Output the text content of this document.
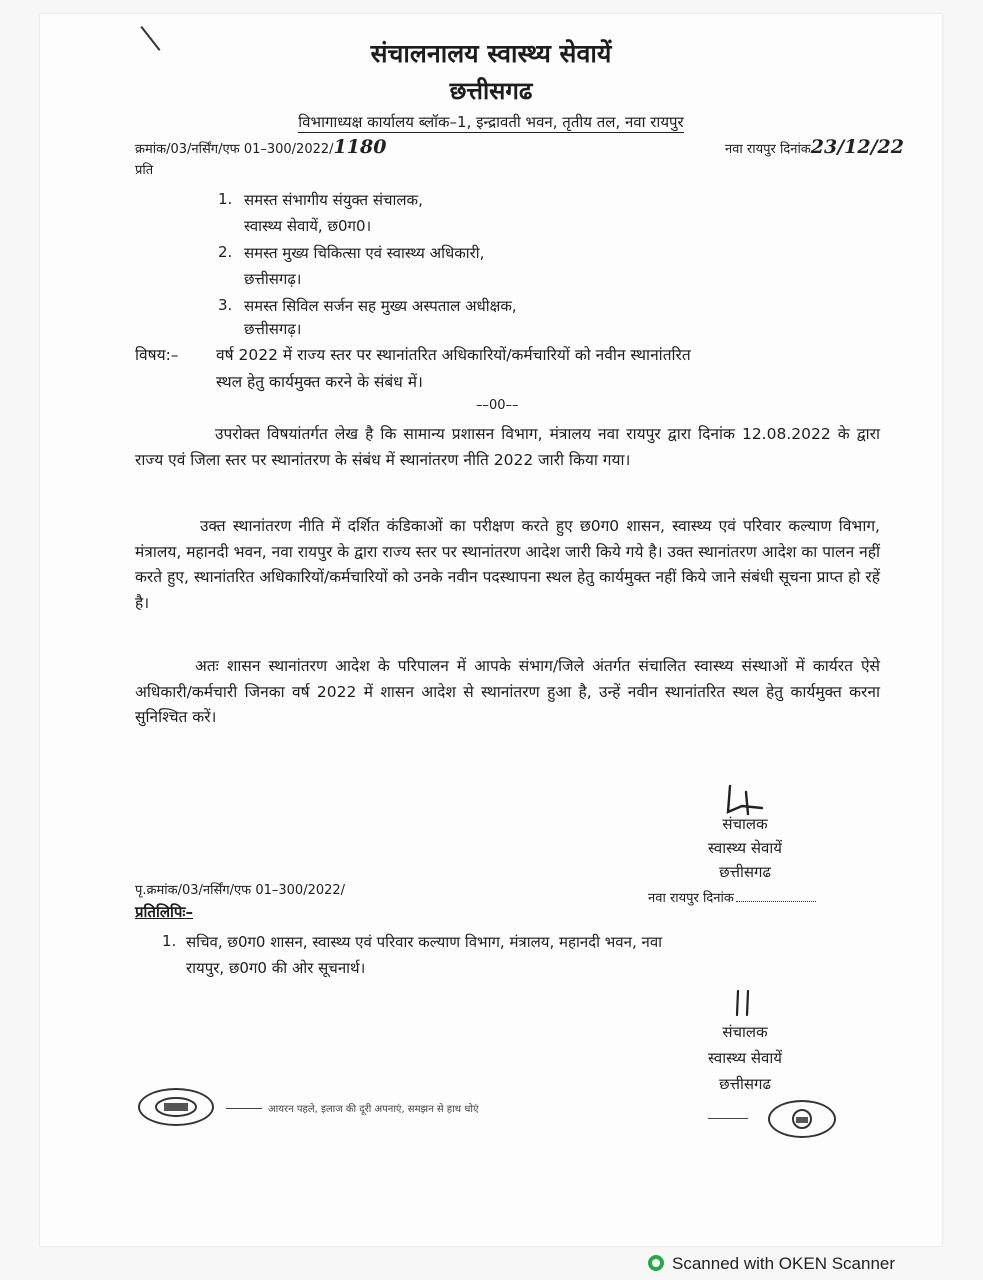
संचालनालय स्वास्थ्य सेवायें
छत्तीसगढ
विभागाध्यक्ष कार्यालय ब्लॉक–1, इन्द्रावती भवन, तृतीय तल, नवा रायपुर
क्रमांक/03/नर्सिंग/एफ 01–300/2022/1180	नवा रायपुर दिनांक23/12/22
प्रति
1. समस्त संभागीय संयुक्त संचालक,
स्वास्थ्य सेवायें, छ0ग0।
2. समस्त मुख्य चिकित्सा एवं स्वास्थ्य अधिकारी,
छत्तीसगढ़।
3. समस्त सिविल सर्जन सह मुख्य अस्पताल अधीक्षक,
छत्तीसगढ़।
विषय:– वर्ष 2022 में राज्य स्तर पर स्थानांतरित अधिकारियों/कर्मचारियों को नवीन स्थानांतरित
स्थल हेतु कार्यमुक्त करने के संबंध में।
––00––
उपरोक्त विषयांतर्गत लेख है कि सामान्य प्रशासन विभाग, मंत्रालय नवा रायपुर द्वारा दिनांक 12.08.2022 के द्वारा राज्य एवं जिला स्तर पर स्थानांतरण के संबंध में स्थानांतरण नीति 2022 जारी किया गया।
उक्त स्थानांतरण नीति में दर्शित कंडिकाओं का परीक्षण करते हुए छ0ग0 शासन, स्वास्थ्य एवं परिवार कल्याण विभाग, मंत्रालय, महानदी भवन, नवा रायपुर के द्वारा राज्य स्तर पर स्थानांतरण आदेश जारी किये गये है। उक्त स्थानांतरण आदेश का पालन नहीं करते हुए, स्थानांतरित अधिकारियों/कर्मचारियों को उनके नवीन पदस्थापना स्थल हेतु कार्यमुक्त नहीं किये जाने संबंधी सूचना प्राप्त हो रहें है।
अतः शासन स्थानांतरण आदेश के परिपालन में आपके संभाग/जिले अंतर्गत संचालित स्वास्थ्य संस्थाओं में कार्यरत ऐसे अधिकारी/कर्मचारी जिनका वर्ष 2022 में शासन आदेश से स्थानांतरण हुआ है, उन्हें नवीन स्थानांतरित स्थल हेतु कार्यमुक्त करना सुनिश्चित करें।
संचालक
स्वास्थ्य सेवायें
छत्तीसगढ
पृ.क्रमांक/03/नर्सिंग/एफ 01–300/2022/
नवा रायपुर दिनांक
प्रतिलिपिः–
1. सचिव, छ0ग0 शासन, स्वास्थ्य एवं परिवार कल्याण विभाग, मंत्रालय, महानदी भवन, नवा
रायपुर, छ0ग0 की ओर सूचनार्थ।
संचालक
स्वास्थ्य सेवायें
छत्तीसगढ
आयरन पहले, इलाज की दूरी अपनाएं, समझन से हाथ धोएं
Scanned with OKEN Scanner
